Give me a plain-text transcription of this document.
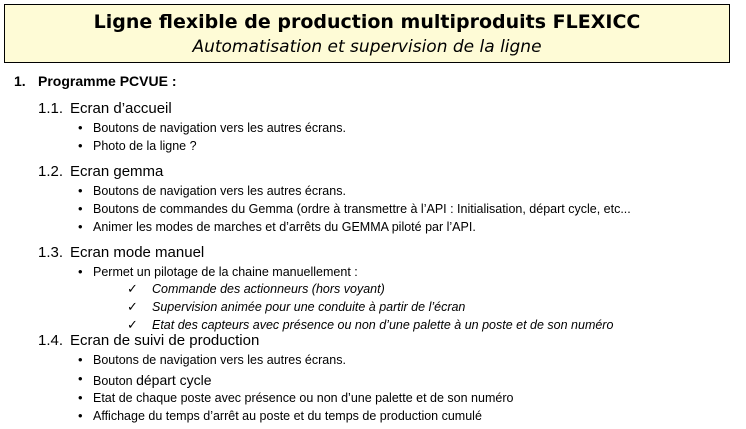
Ligne flexible de production multiproduits FLEXICC
Automatisation et supervision de la ligne
1. Programme PCVUE :
1.1. Ecran d’accueil
• Boutons de navigation vers les autres écrans.
• Photo de la ligne ?
1.2. Ecran gemma
• Boutons de navigation vers les autres écrans.
• Boutons de commandes du Gemma (ordre à transmettre à l’API : Initialisation, départ cycle, etc...
• Animer les modes de marches et d’arrêts du GEMMA piloté par l’API.
1.3. Ecran mode manuel
• Permet un pilotage de la chaine manuellement :
✓ Commande des actionneurs (hors voyant)
✓ Supervision animée pour une conduite à partir de l’écran
✓ Etat des capteurs avec présence ou non d’une palette à un poste et de son numéro
1.4. Ecran de suivi de production
• Boutons de navigation vers les autres écrans.
• Bouton départ cycle
• Etat de chaque poste avec présence ou non d’une palette et de son numéro
• Affichage du temps d’arrêt au poste et du temps de production cumulé
